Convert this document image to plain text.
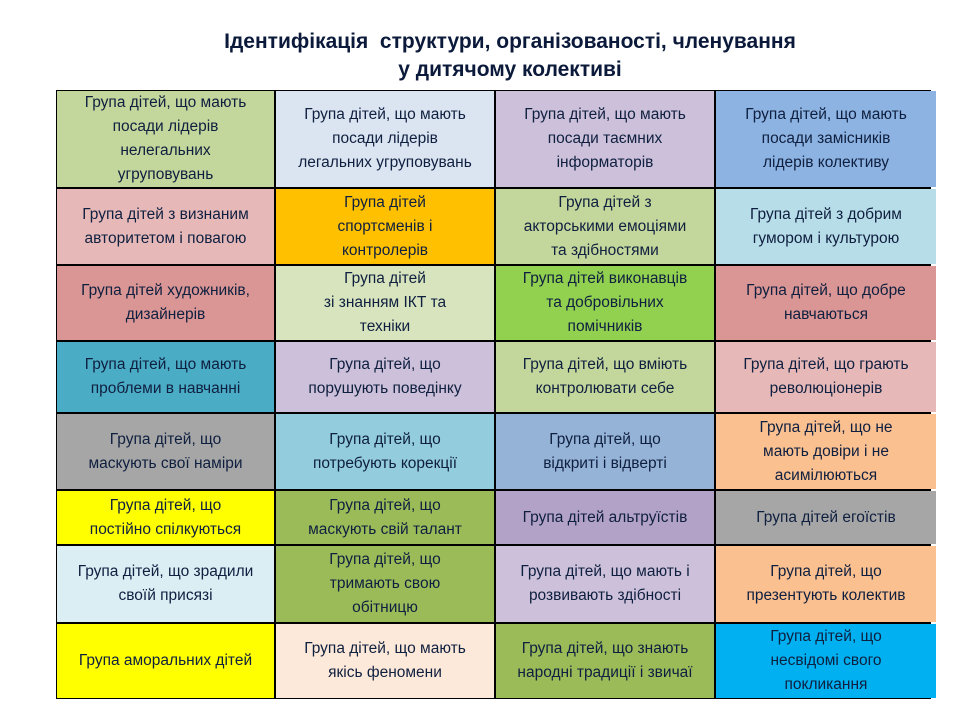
Ідентифікація  структури, організованості, членування
у дитячому колективі
Група дітей, що мають
посади лідерів
нелегальних
угруповувань
Група дітей, що мають
посади лідерів
легальних угруповувань
Група дітей, що мають
посади таємних
інформаторів
Група дітей, що мають
посади замісників
лідерів колективу
Група дітей з визнаним
авторитетом і повагою
Група дітей
спортсменів і
контролерів
Група дітей з
акторськими емоціями
та здібностями
Група дітей з добрим
гумором і культурою
Група дітей художників,
дизайнерів
Група дітей
зі знанням ІКТ та
техніки
Група дітей виконавців
та добровільних
помічників
Група дітей, що добре
навчаються
Група дітей, що мають
проблеми в навчанні
Група дітей, що
порушують поведінку
Група дітей, що вміють
контролювати себе
Група дітей, що грають
революціонерів
Група дітей, що
маскують свої наміри
Група дітей, що
потребують корекції
Група дітей, що
відкриті і відверті
Група дітей, що не
мають довіри і не
асимілюються
Група дітей, що
постійно спілкуються
Група дітей, що
маскують свій талант
Група дітей альтруїстів	Група дітей егоїстів
Група дітей, що зрадили
своїй присязі
Група дітей, що
тримають свою
обітницю
Група дітей, що мають і
розвивають здібності
Група дітей, що
презентують колектив
Група аморальних дітей
Група дітей, що мають
якісь феномени
Група дітей, що знають
народні традиції і звичаї
Група дітей, що
несвідомі свого
покликання
